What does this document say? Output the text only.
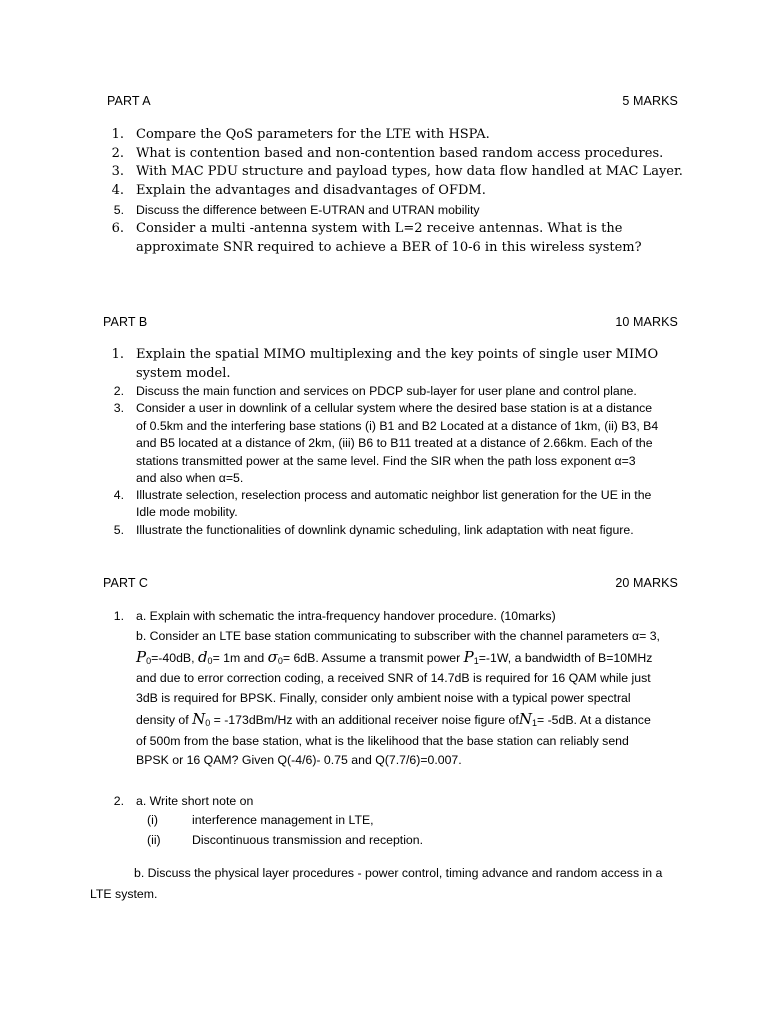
PART A	5 MARKS
1. Compare the QoS parameters for the LTE with HSPA.
2. What is contention based and non-contention based random access procedures.
3. With MAC PDU structure and payload types, how data flow handled at MAC Layer.
4. Explain the advantages and disadvantages of OFDM.
5. Discuss the difference between E-UTRAN and UTRAN mobility
6. Consider a multi -antenna system with L=2 receive antennas. What is the
approximate SNR required to achieve a BER of 10-6 in this wireless system?
PART B	10 MARKS
1. Explain the spatial MIMO multiplexing and the key points of single user MIMO
system model.
2. Discuss the main function and services on PDCP sub-layer for user plane and control plane.
3. Consider a user in downlink of a cellular system where the desired base station is at a distance
of 0.5km and the interfering base stations (i) B1 and B2 Located at a distance of 1km, (ii) B3, B4
and B5 located at a distance of 2km, (iii) B6 to B11 treated at a distance of 2.66km. Each of the
stations transmitted power at the same level. Find the SIR when the path loss exponent α=3
and also when α=5.
4. Illustrate selection, reselection process and automatic neighbor list generation for the UE in the
Idle mode mobility.
5. Illustrate the functionalities of downlink dynamic scheduling, link adaptation with neat figure.
PART C	20 MARKS
1. a. Explain with schematic the intra-frequency handover procedure. (10marks)
b. Consider an LTE base station communicating to subscriber with the channel parameters α= 3,
$P_0=-40dB$, $d_0= 1m$ and $\sigma_0= 6dB$. Assume a transmit power $P_1=-1W$, a bandwidth of B=10MHz
and due to error correction coding, a received SNR of 14.7dB is required for 16 QAM while just
3dB is required for BPSK. Finally, consider only ambient noise with a typical power spectral
density of $N_0 = -173dBm/Hz$ with an additional receiver noise figure ofN$_1$= -5dB. At a distance
of 500m from the base station, what is the likelihood that the base station can reliably send
BPSK or 16 QAM? Given Q(-4/6)- 0.75 and Q(7.7/6)=0.007.
2. a. Write short note on
(i)	interference management in LTE,
(ii)	Discontinuous transmission and reception.
b. Discuss the physical layer procedures - power control, timing advance and random access in a
LTE system.
